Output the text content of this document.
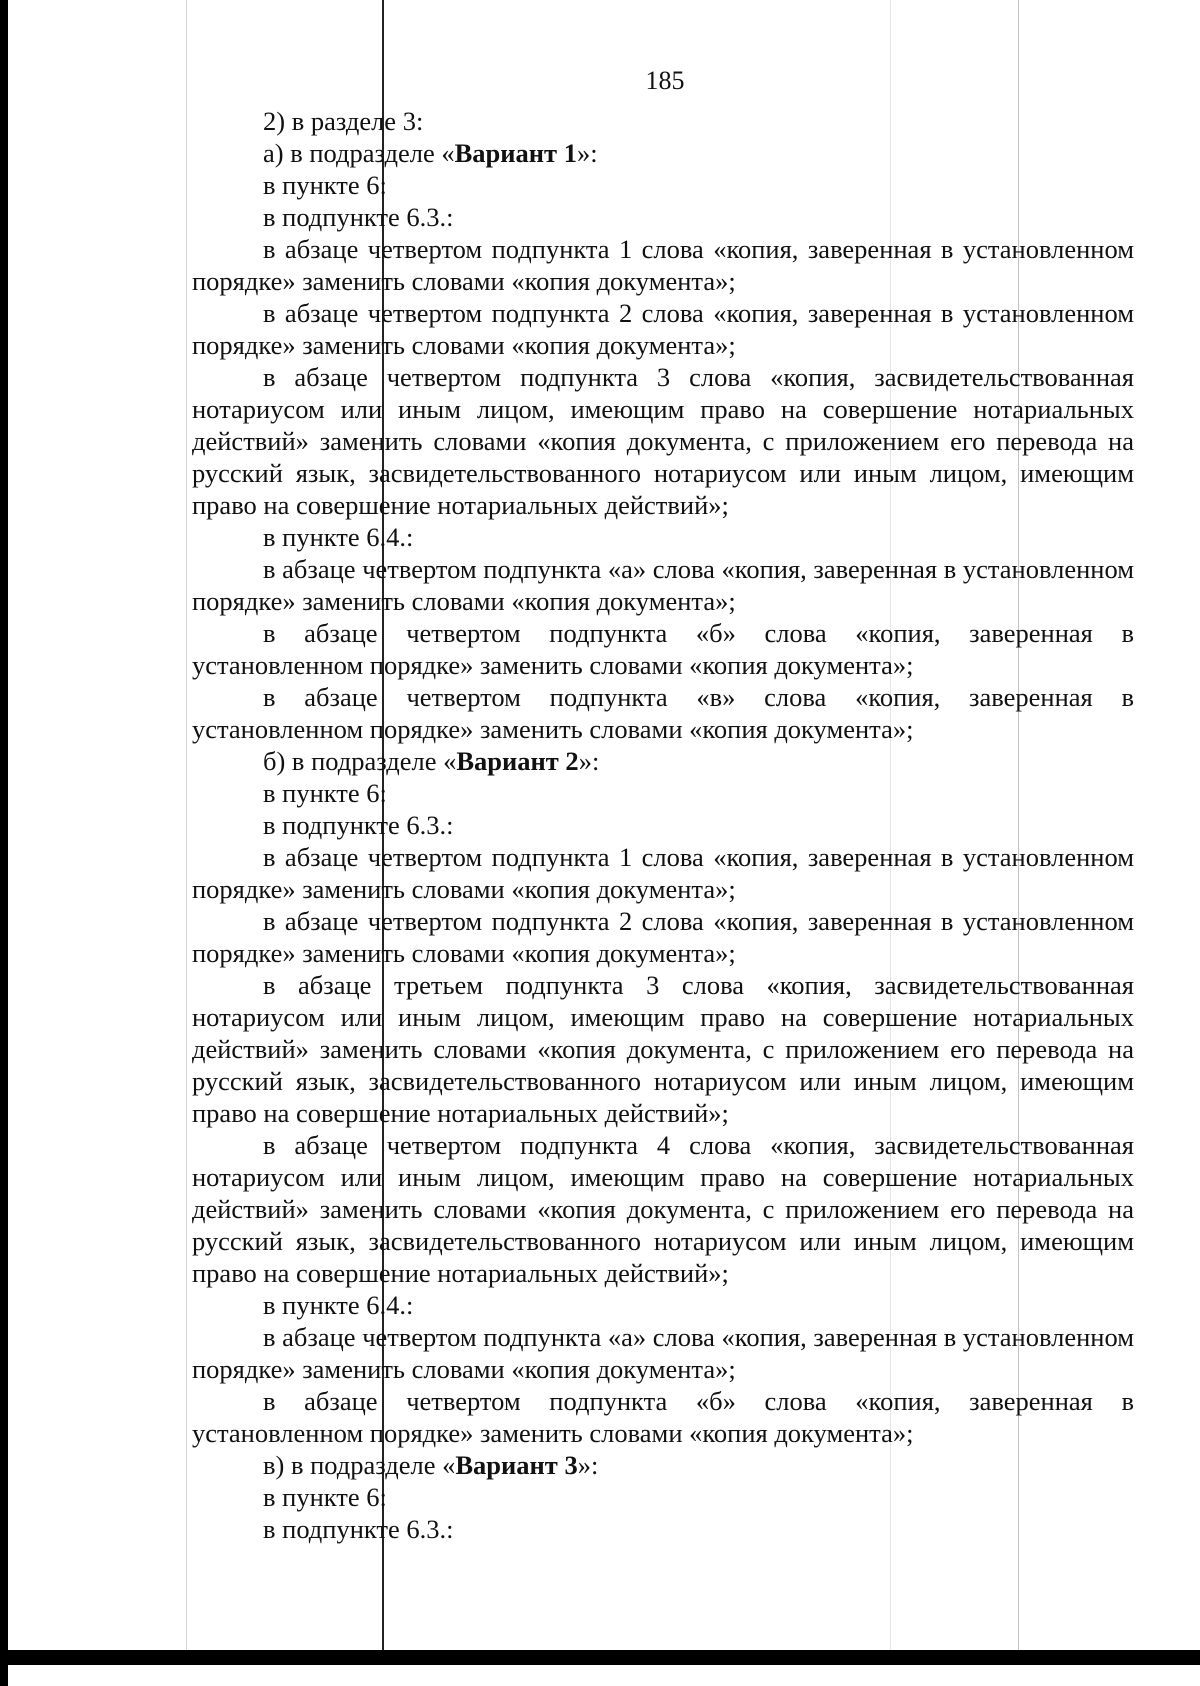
185

2) в разделе 3:

а) в подразделе «Вариант 1»:

в пункте 6:

в подпункте 6.3.:

в абзаце четвертом подпункта 1 слова «копия, заверенная в установленном порядке» заменить словами «копия документа»;

в абзаце четвертом подпункта 2 слова «копия, заверенная в установленном порядке» заменить словами «копия документа»;

в абзаце четвертом подпункта 3 слова «копия, засвидетельствованная нотариусом или иным лицом, имеющим право на совершение нотариальных действий» заменить словами «копия документа, с приложением его перевода на русский язык, засвидетельствованного нотариусом или иным лицом, имеющим право на совершение нотариальных действий»;

в пункте 6.4.:

в абзаце четвертом подпункта «а» слова «копия, заверенная в установленном порядке» заменить словами «копия документа»;

в абзаце четвертом подпункта «б» слова «копия, заверенная в установленном порядке» заменить словами «копия документа»;

в абзаце четвертом подпункта «в» слова «копия, заверенная в установленном порядке» заменить словами «копия документа»;

б) в подразделе «Вариант 2»:

в пункте 6:

в подпункте 6.3.:

в абзаце четвертом подпункта 1 слова «копия, заверенная в установленном порядке» заменить словами «копия документа»;

в абзаце четвертом подпункта 2 слова «копия, заверенная в установленном порядке» заменить словами «копия документа»;

в абзаце третьем подпункта 3 слова «копия, засвидетельствованная нотариусом или иным лицом, имеющим право на совершение нотариальных действий» заменить словами «копия документа, с приложением его перевода на русский язык, засвидетельствованного нотариусом или иным лицом, имеющим право на совершение нотариальных действий»;

в абзаце четвертом подпункта 4 слова «копия, засвидетельствованная нотариусом или иным лицом, имеющим право на совершение нотариальных действий» заменить словами «копия документа, с приложением его перевода на русский язык, засвидетельствованного нотариусом или иным лицом, имеющим право на совершение нотариальных действий»;

в пункте 6.4.:

в абзаце четвертом подпункта «а» слова «копия, заверенная в установленном порядке» заменить словами «копия документа»;

в абзаце четвертом подпункта «б» слова «копия, заверенная в установленном порядке» заменить словами «копия документа»;

в) в подразделе «Вариант 3»:

в пункте 6:

в подпункте 6.3.:
